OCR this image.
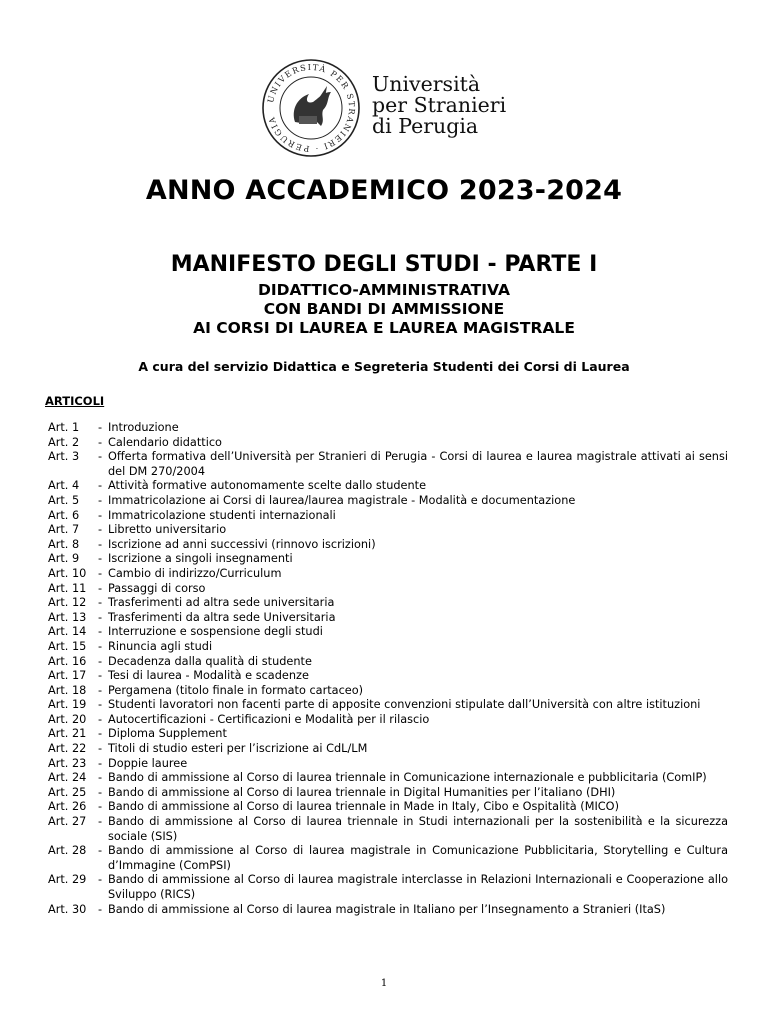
UNIVERSITÀ PER STRANIERI · PERUGIA
Università
per Stranieri
di Perugia
ANNO ACCADEMICO 2023-2024
MANIFESTO DEGLI STUDI - PARTE I
DIDATTICO-AMMINISTRATIVA
CON BANDI DI AMMISSIONE
AI CORSI DI LAUREA E LAUREA MAGISTRALE
A cura del servizio Didattica e Segreteria Studenti dei Corsi di Laurea
ARTICOLI
Art. 1	- Introduzione
Art. 2	- Calendario didattico
Art. 3	- Offerta formativa dell’Università per Stranieri di Perugia - Corsi di laurea e laurea magistrale attivati ai sensi del DM 270/2004
Art. 4	- Attività formative autonomamente scelte dallo studente
Art. 5	- Immatricolazione ai Corsi di laurea/laurea magistrale - Modalità e documentazione
Art. 6	- Immatricolazione studenti internazionali
Art. 7	- Libretto universitario
Art. 8	- Iscrizione ad anni successivi (rinnovo iscrizioni)
Art. 9	- Iscrizione a singoli insegnamenti
Art. 10	- Cambio di indirizzo/Curriculum
Art. 11	- Passaggi di corso
Art. 12	- Trasferimenti ad altra sede universitaria
Art. 13	- Trasferimenti da altra sede Universitaria
Art. 14	- Interruzione e sospensione degli studi
Art. 15	- Rinuncia agli studi
Art. 16	- Decadenza dalla qualità di studente
Art. 17	- Tesi di laurea - Modalità e scadenze
Art. 18	- Pergamena (titolo finale in formato cartaceo)
Art. 19	- Studenti lavoratori non facenti parte di apposite convenzioni stipulate dall’Università con altre istituzioni
Art. 20	- Autocertificazioni - Certificazioni e Modalità per il rilascio
Art. 21	- Diploma Supplement
Art. 22	- Titoli di studio esteri per l’iscrizione ai CdL/LM
Art. 23	- Doppie lauree
Art. 24	- Bando di ammissione al Corso di laurea triennale in Comunicazione internazionale e pubblicitaria (ComIP)
Art. 25	- Bando di ammissione al Corso di laurea triennale in Digital Humanities per l’italiano (DHI)
Art. 26	- Bando di ammissione al Corso di laurea triennale in Made in Italy, Cibo e Ospitalità (MICO)
Art. 27	- Bando di ammissione al Corso di laurea triennale in Studi internazionali per la sostenibilità e la sicurezza sociale (SIS)
Art. 28	- Bando di ammissione al Corso di laurea magistrale in Comunicazione Pubblicitaria, Storytelling e Cultura d’Immagine (ComPSI)
Art. 29	- Bando di ammissione al Corso di laurea magistrale interclasse in Relazioni Internazionali e Cooperazione allo Sviluppo (RICS)
Art. 30	- Bando di ammissione al Corso di laurea magistrale in Italiano per l’Insegnamento a Stranieri (ItaS)
1
